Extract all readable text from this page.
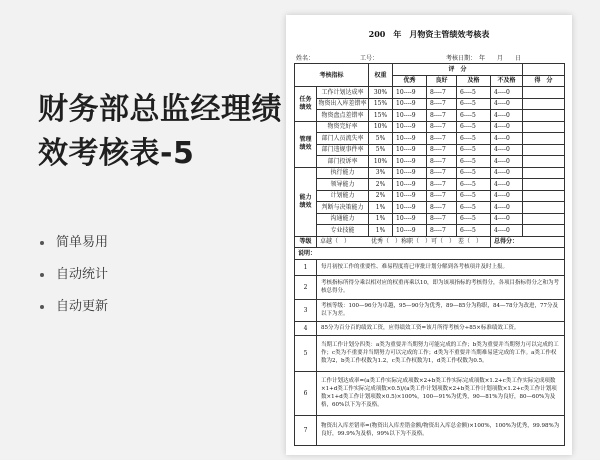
财务部总监经理绩效考核表-5
简单易用
自动统计
自动更新
200　年　月物资主管绩效考核表
姓名：	工号：	考核日期：　年　　月　　日
考核指标		权重	评　分				
			优秀	良好	及格	不及格	得　分
任务绩效	工作计划达成率	30%	10----9	8----7	6----5	4----0	
	物资出入库差错率	15%	10----9	8----7	6----5	4----0	
	物资盘点差错率	15%	10----9	8----7	6----5	4----0	
管理绩效	物资完好率	10%	10----9	8----7	6----5	4----0	
	部门人员流失率	5%	10----9	8----7	6----5	4----0	
	部门违规事件率	5%	10----9	8----7	6----5	4----0	
	部门投诉率	10%	10----9	8----7	6----5	4----0	
能力绩效	执行能力	3%	10----9	8----7	6----5	4----0	
	领导能力	2%	10----9	8----7	6----5	4----0	
	计划能力	2%	10----9	8----7	6----5	4----0	
	判断与决策能力	1%	10----9	8----7	6----5	4----0	
	沟通能力	1%	10----9	8----7	6----5	4----0	
	专业技能	1%	10----9	8----7	6----5	4----0	
等级	卓越（　）　　　　优秀（　）称职（　）可（　）　差（　）					总得分：	
说明：							
1	每月初按工作的重要性、难易程度将已审批计划分解到各考核项并及时上报。						
2	考核指标所得分乘以相对应的权重再乘以10，即为该项指标的考核得分，各项目指标得分之和为考核总得分。						
3	考核等级：100—96分为卓越，95—90分为优秀，89—85分为称职，84—78分为改进，77分及以下为差。						
4	85分为百分百的绩效工资，应得绩效工资=该月所得考核分÷85×标准绩效工资。						
5	当期工作计划分四类：a类为重要并当期努力可能完成的工作；b类为重要并当期努力可以完成的工作；c类为不重要并当期努力可以完成的工作；d类为不重要并当期难易延完成的工作。a类工作权数为2，b类工作权数为1.2，c类工作权数为1，d类工作权数为0.5。						
6	工作计划达成率=(a类工作实际完成项数×2+b类工作实际完成项数×1.2+c类工作实际完成项数×1+d类工作实际完成项数×0.5)/(a类工作计划项数×2+b类工作计划项数×1.2+c类工作计划项数×1+d类工作计划项数×0.5)×100%，100—91%为优秀，90—81%为良好，80—60%为及格，60%以下为不及格。						
7	物资出入库差错率=(物资出入库差错金额/物资出入库总金额)×100%，100%为优秀，99.98%为良好，99.9%为及格，99%以下为不及格。						
